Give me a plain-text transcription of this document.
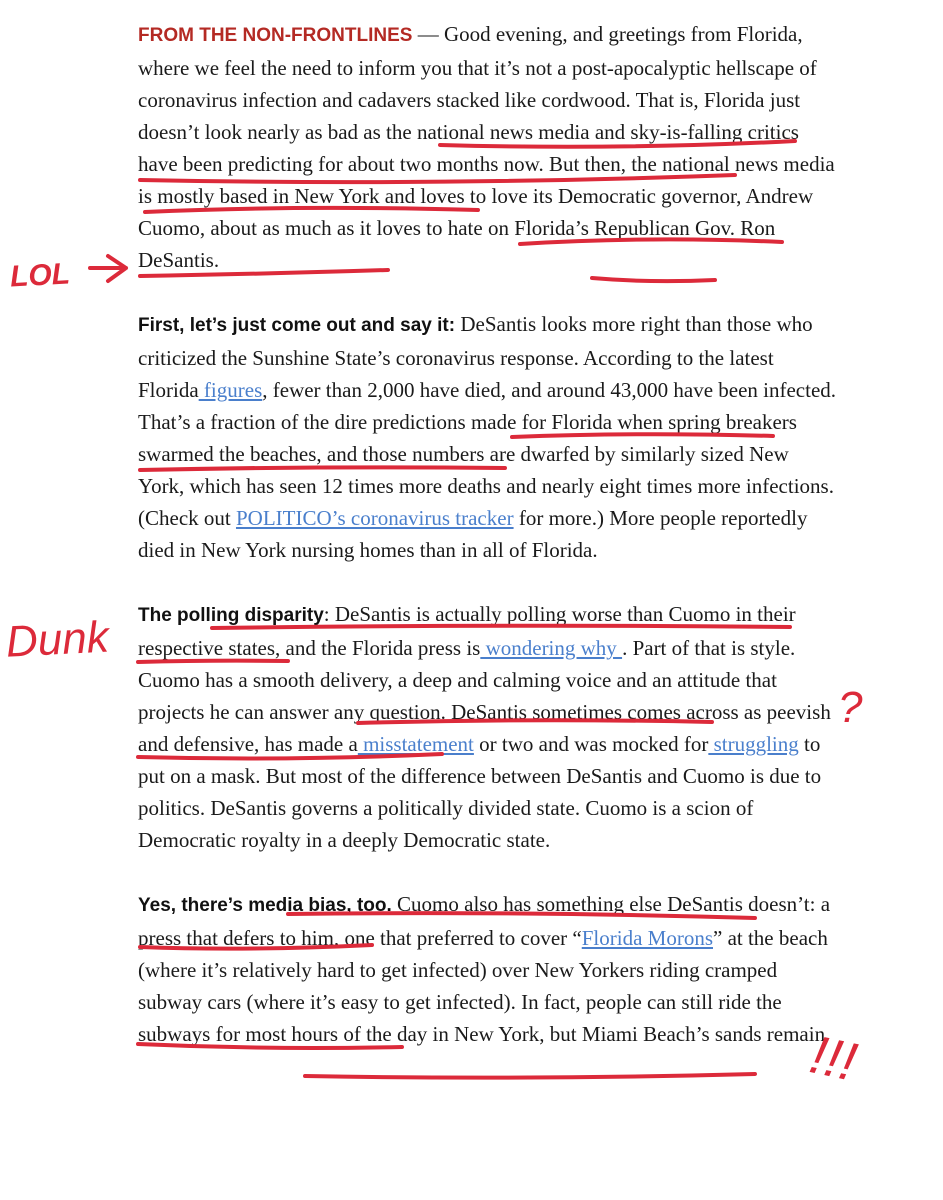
FROM THE NON-FRONTLINES — Good evening, and greetings from Florida, where we feel the need to inform you that it’s not a post-apocalyptic hellscape of coronavirus infection and cadavers stacked like cordwood. That is, Florida just doesn’t look nearly as bad as the national news media and sky-is-falling critics have been predicting for about two months now. But then, the national news media is mostly based in New York and loves to love its Democratic governor, Andrew Cuomo, about as much as it loves to hate on Florida’s Republican Gov. Ron DeSantis.

First, let’s just come out and say it: DeSantis looks more right than those who criticized the Sunshine State’s coronavirus response. According to the latest Florida figures, fewer than 2,000 have died, and around 43,000 have been infected. That’s a fraction of the dire predictions made for Florida when spring breakers swarmed the beaches, and those numbers are dwarfed by similarly sized New York, which has seen 12 times more deaths and nearly eight times more infections. (Check out POLITICO’s coronavirus tracker for more.) More people reportedly died in New York nursing homes than in all of Florida.

The polling disparity: DeSantis is actually polling worse than Cuomo in their respective states, and the Florida press is wondering why . Part of that is style. Cuomo has a smooth delivery, a deep and calming voice and an attitude that projects he can answer any question. DeSantis sometimes comes across as peevish and defensive, has made a misstatement or two and was mocked for struggling to put on a mask. But most of the difference between DeSantis and Cuomo is due to politics. DeSantis governs a politically divided state. Cuomo is a scion of Democratic royalty in a deeply Democratic state.

Yes, there’s media bias, too. Cuomo also has something else DeSantis doesn’t: a press that defers to him, one that preferred to cover “Florida Morons” at the beach (where it’s relatively hard to get infected) over New Yorkers riding cramped subway cars (where it’s easy to get infected). In fact, people can still ride the subways for most hours of the day in New York, but Miami Beach’s sands remain

LOL
Dunk
?
!!!
